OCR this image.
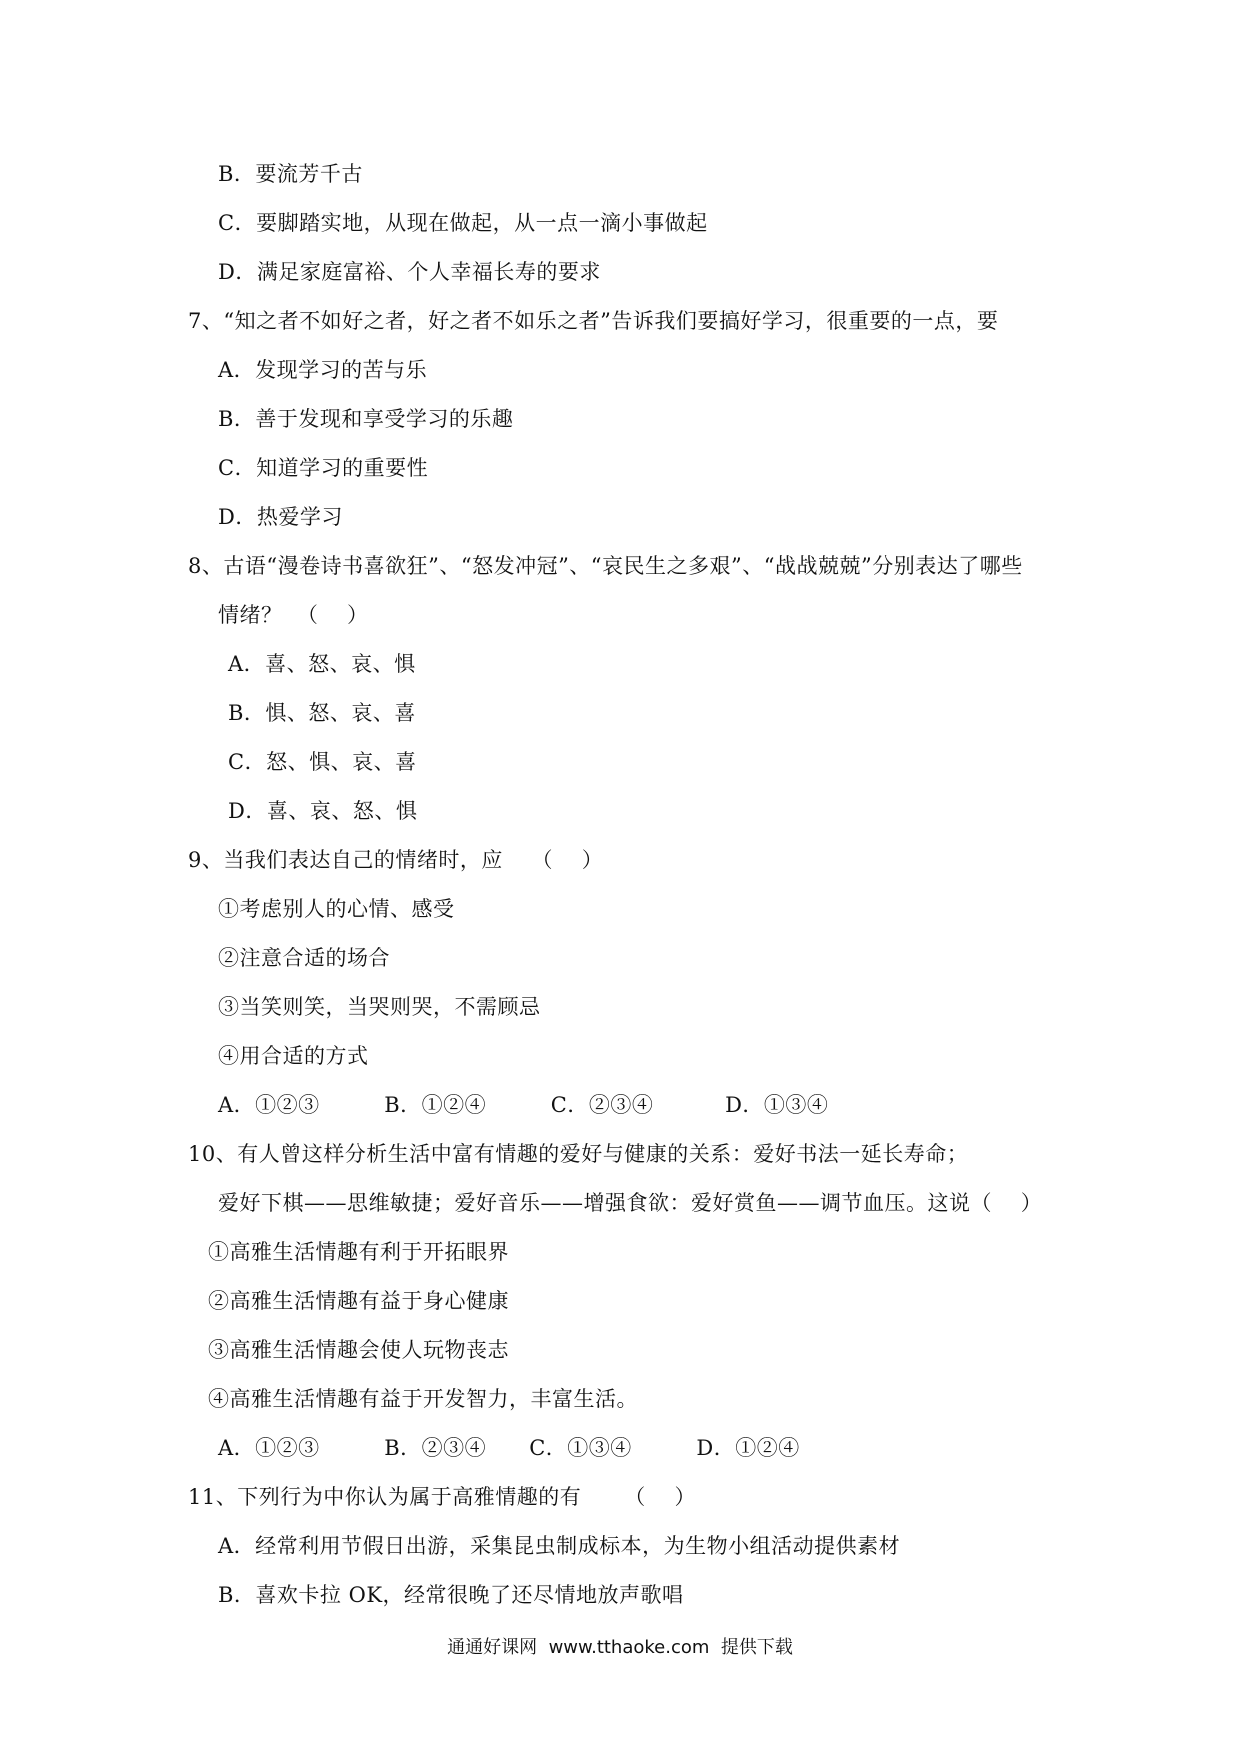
B．要流芳千古
C．要脚踏实地，从现在做起，从一点一滴小事做起
D．满足家庭富裕、个人幸福长寿的要求
7、“知之者不如好之者，好之者不如乐之者”告诉我们要搞好学习，很重要的一点，要
A．发现学习的苦与乐
B．善于发现和享受学习的乐趣
C．知道学习的重要性
D．热爱学习
8、古语“漫卷诗书喜欲狂”、“怒发冲冠”、“哀民生之多艰”、“战战兢兢”分别表达了哪些
情绪？  （    ）
A．喜、怒、哀、惧
B．惧、怒、哀、喜
C．怒、惧、哀、喜
D．喜、哀、怒、惧
9、当我们表达自己的情绪时，应    （    ）
①考虑别人的心情、感受
②注意合适的场合
③当笑则笑，当哭则哭，不需顾忌
④用合适的方式
A．①②③         B．①②④         C．②③④          D．①③④
10、有人曾这样分析生活中富有情趣的爱好与健康的关系：爱好书法一延长寿命；
爱好下棋——思维敏捷；爱好音乐——增强食欲：爱好赏鱼——调节血压。这说（    ）
①高雅生活情趣有利于开拓眼界
②高雅生活情趣有益于身心健康
③高雅生活情趣会使人玩物丧志
④高雅生活情趣有益于开发智力，丰富生活。
A．①②③         B．②③④      C．①③④         D．①②④
11、下列行为中你认为属于高雅情趣的有      （    ）
A．经常利用节假日出游，采集昆虫制成标本，为生物小组活动提供素材
B．喜欢卡拉 OK，经常很晚了还尽情地放声歌唱
通通好课网  www.tthaoke.com  提供下载
